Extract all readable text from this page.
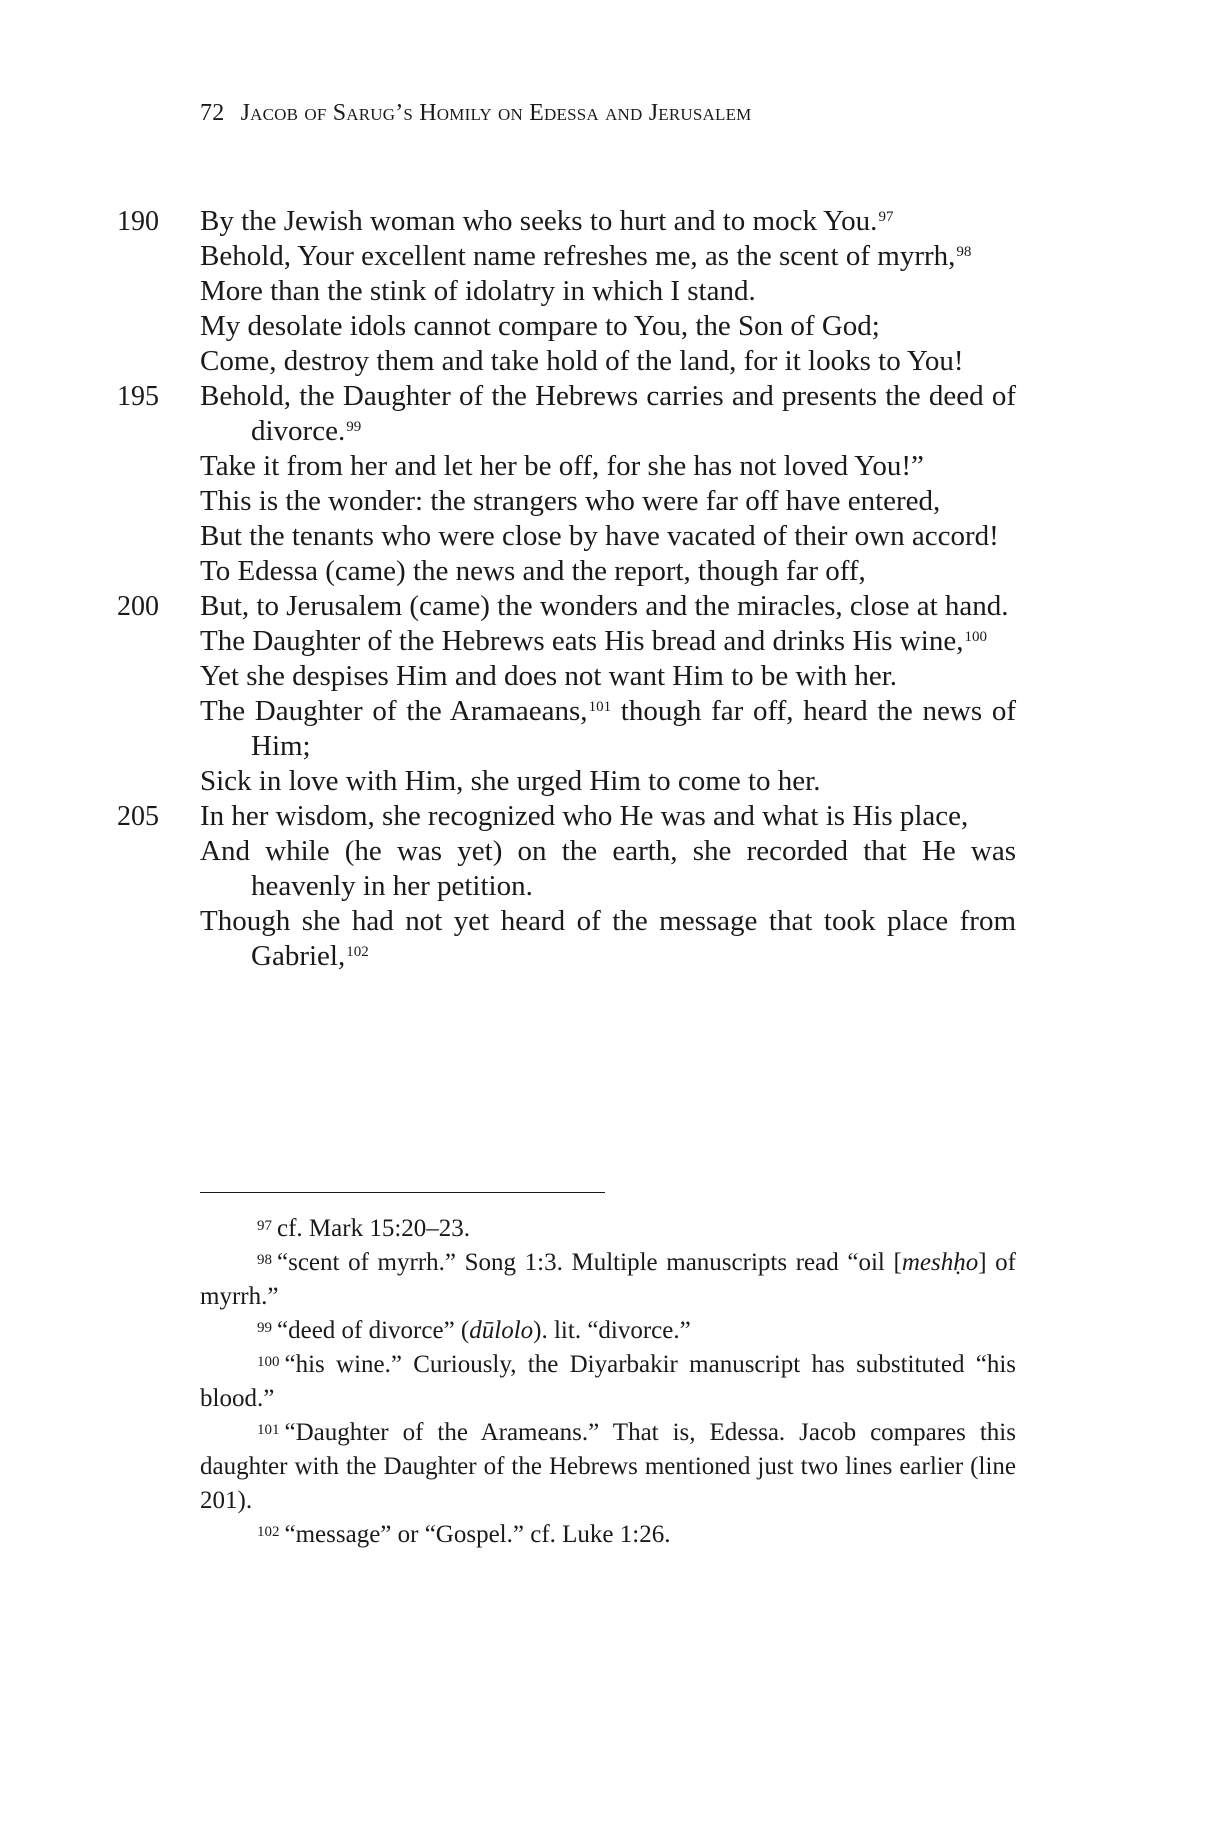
72 Jacob of Sarug’s Homily on Edessa and Jerusalem
190 By the Jewish woman who seeks to hurt and to mock You.$^{97}$
Behold, Your excellent name refreshes me, as the scent of myrrh,$^{98}$
More than the stink of idolatry in which I stand.
My desolate idols cannot compare to You, the Son of God;
Come, destroy them and take hold of the land, for it looks to You!
195 Behold, the Daughter of the Hebrews carries and presents the deed of divorce.$^{99}$
Take it from her and let her be off, for she has not loved You!”
This is the wonder: the strangers who were far off have entered,
But the tenants who were close by have vacated of their own accord!
To Edessa (came) the news and the report, though far off,
200 But, to Jerusalem (came) the wonders and the miracles, close at hand.
The Daughter of the Hebrews eats His bread and drinks His wine,$^{100}$
Yet she despises Him and does not want Him to be with her.
The Daughter of the Aramaeans,$^{101}$ though far off, heard the news of Him;
Sick in love with Him, she urged Him to come to her.
205 In her wisdom, she recognized who He was and what is His place,
And while (he was yet) on the earth, she recorded that He was heavenly in her petition.
Though she had not yet heard of the message that took place from Gabriel,$^{102}$

$^{97}$ cf. Mark 15:20–23.

$^{98}$ “scent of myrrh.” Song 1:3. Multiple manuscripts read “oil [meshḥo] of myrrh.”

$^{99}$ “deed of divorce” (dūlolo). lit. “divorce.”

$^{100}$ “his wine.” Curiously, the Diyarbakir manuscript has substituted “his blood.”

$^{101}$ “Daughter of the Arameans.” That is, Edessa. Jacob compares this daughter with the Daughter of the Hebrews mentioned just two lines earlier (line 201).

$^{102}$ “message” or “Gospel.” cf. Luke 1:26.
